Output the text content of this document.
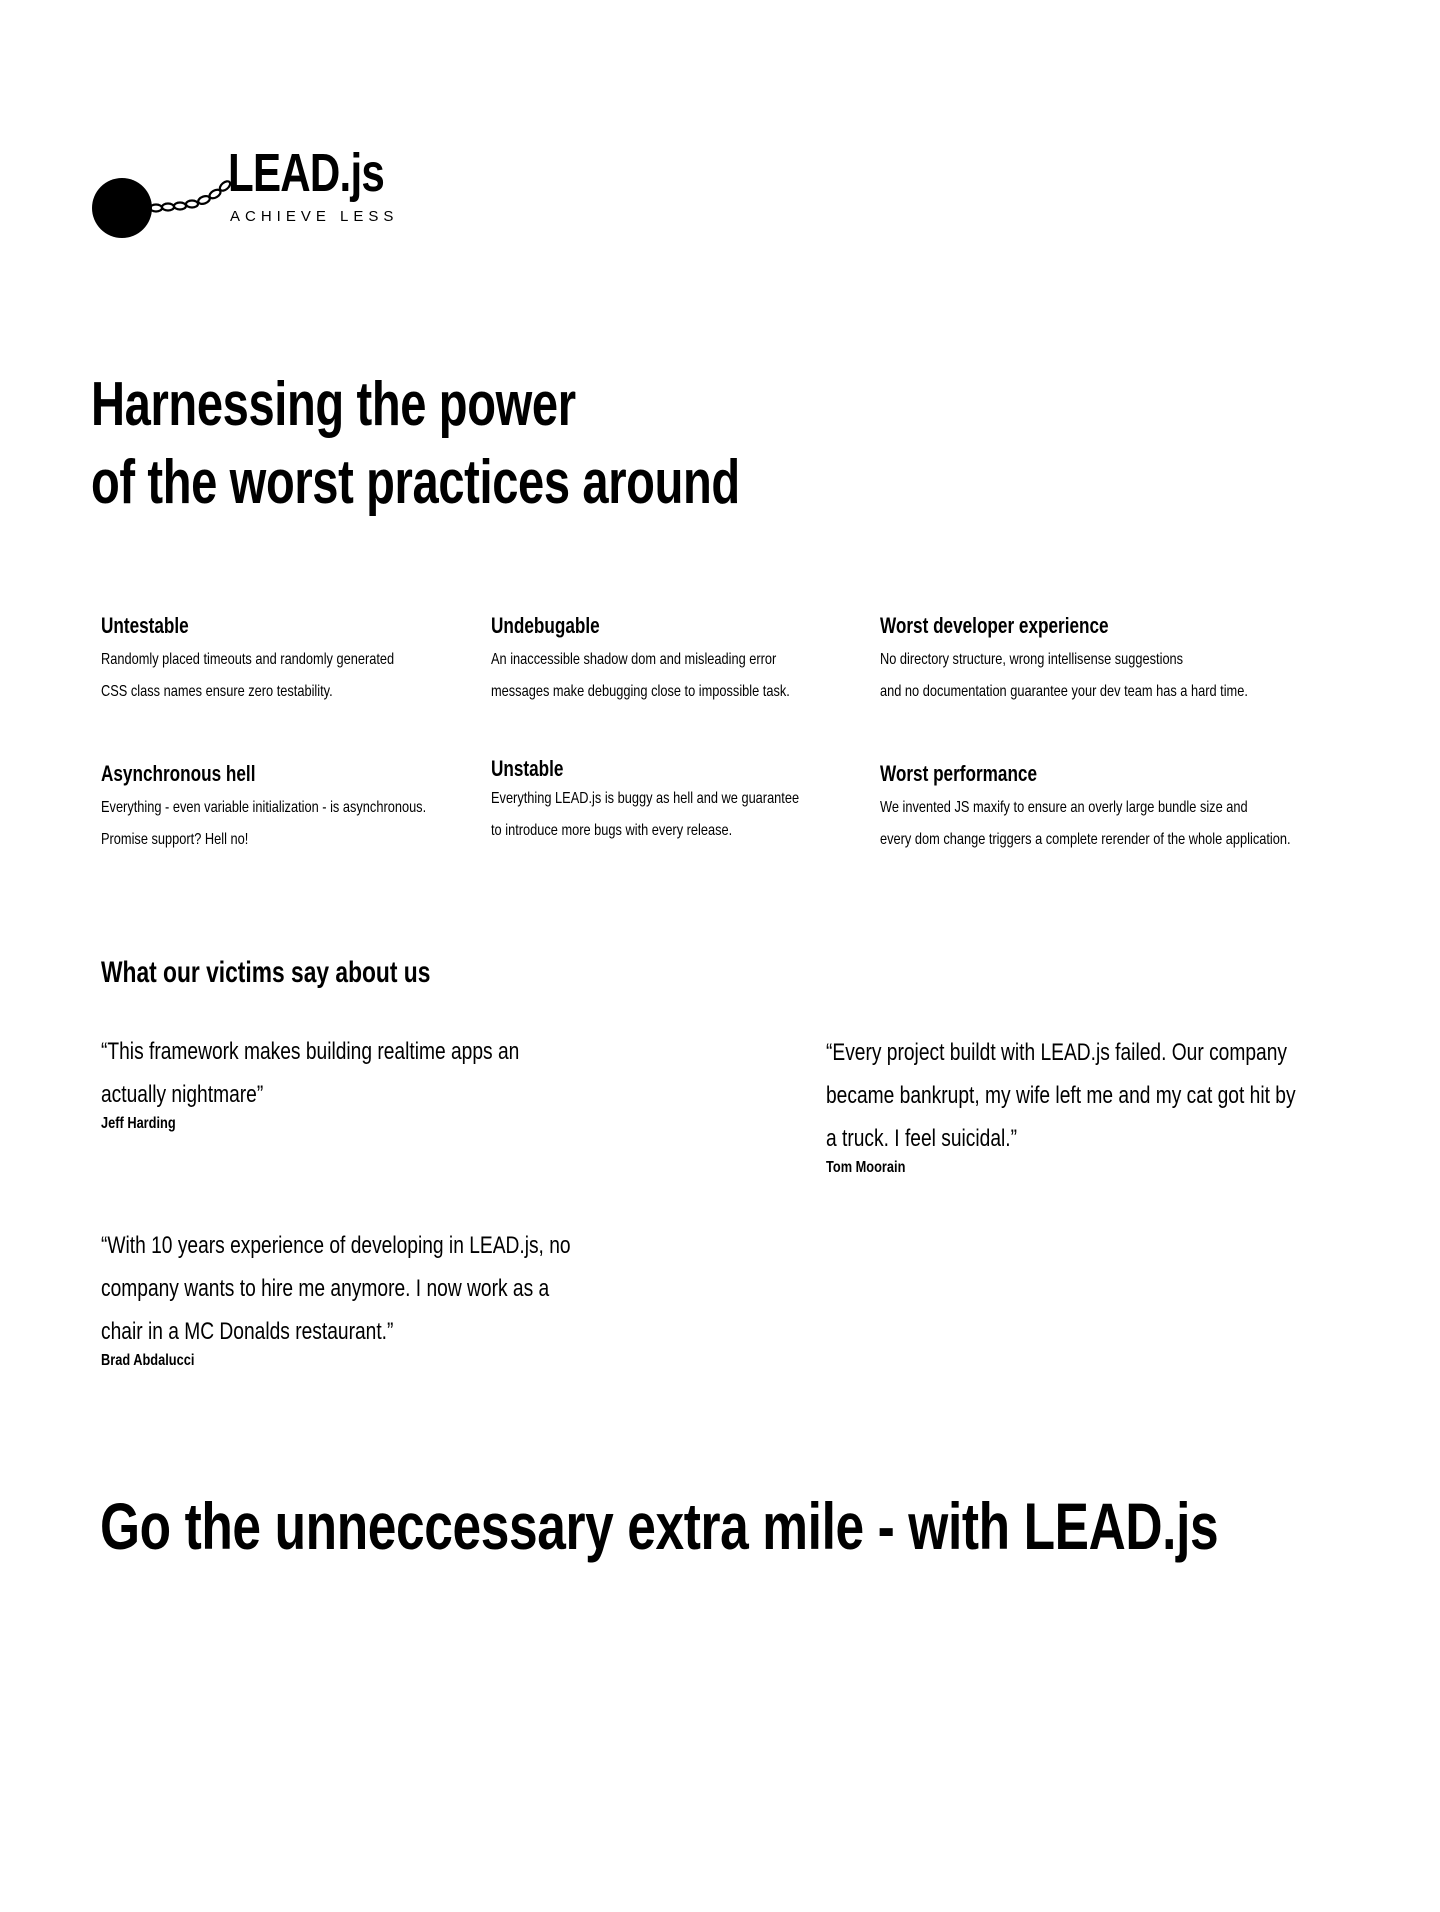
LEAD.js
ACHIEVE LESS
Harnessing the power
of the worst practices around
Untestable
Randomly placed timeouts and randomly generated
CSS class names ensure zero testability.
Undebugable
An inaccessible shadow dom and misleading error
messages make debugging close to impossible task.
Worst developer experience
No directory structure, wrong intellisense suggestions
and no documentation guarantee your dev team has a hard time.
Asynchronous hell
Everything - even variable initialization - is asynchronous.
Promise support? Hell no!
Unstable
Everything LEAD.js is buggy as hell and we guarantee
to introduce more bugs with every release.
Worst performance
We invented JS maxify to ensure an overly large bundle size and
every dom change triggers a complete rerender of the whole application.
What our victims say about us
“This framework makes building realtime apps an
actually nightmare”
Jeff Harding
“Every project buildt with LEAD.js failed. Our company
became bankrupt, my wife left me and my cat got hit by
a truck. I feel suicidal.”
Tom Moorain
“With 10 years experience of developing in LEAD.js, no
company wants to hire me anymore. I now work as a
chair in a MC Donalds restaurant.”
Brad Abdalucci
Go the unneccessary extra mile - with LEAD.js
